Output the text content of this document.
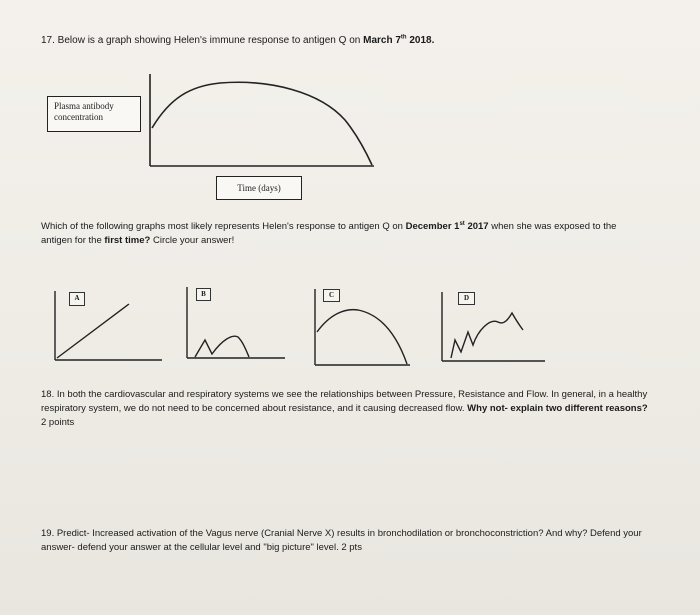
17. Below is a graph showing Helen's immune response to antigen Q on March 7th 2018.
Plasma antibody concentration
Time (days)
Which of the following graphs most likely represents Helen's response to antigen Q on December 1st 2017 when she was exposed to the antigen for the first time? Circle your answer!
A	B	C	D
18. In both the cardiovascular and respiratory systems we see the relationships between Pressure, Resistance and Flow. In general, in a healthy respiratory system, we do not need to be concerned about resistance, and it causing decreased flow. Why not- explain two different reasons? 2 points
19. Predict- Increased activation of the Vagus nerve (Cranial Nerve X) results in bronchodilation or bronchoconstriction? And why? Defend your answer- defend your answer at the cellular level and "big picture" level. 2 pts
